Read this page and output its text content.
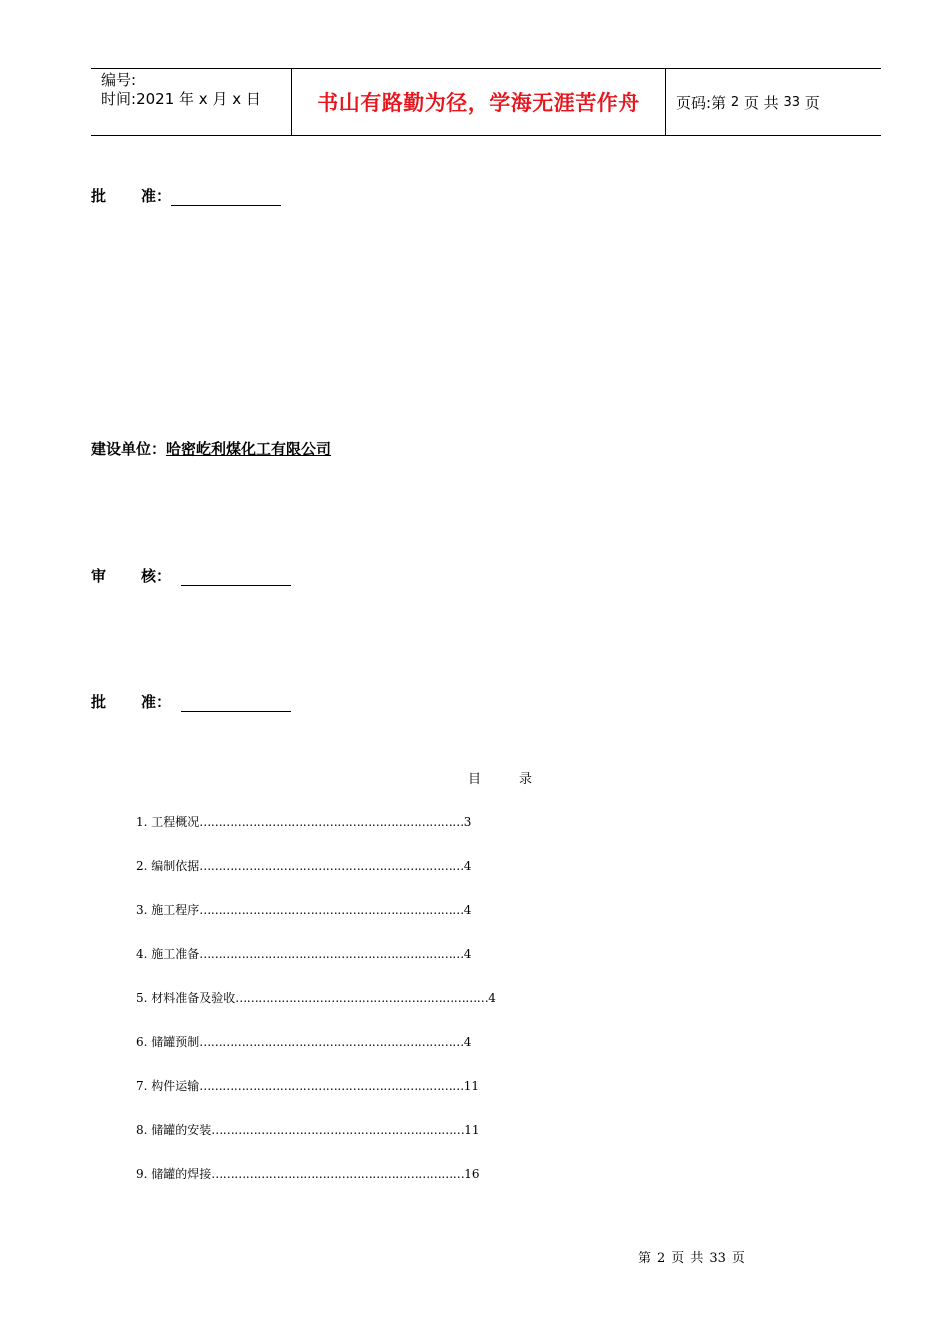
编号:
时间:2021 年 x 月 x 日	书山有路勤为径，学海无涯苦作舟	页码:第
2
页 共
33
页
批 准：
建设单位：哈密屹利煤化工有限公司
审 核：
批 准：
目	录
1.
工程概况 …………………………………………………………… 3
2.
编制依据 …………………………………………………………… 4
3.
施工程序 …………………………………………………………… 4
4.
施工准备 …………………………………………………………… 4
5.
材料准备及验收 ………………………………………………………… 4
6.
储罐预制 …………………………………………………………… 4
7.
构件运输 …………………………………………………………… 11
8.
储罐的安装 ………………………………………………………… 11
9.
储罐的焊接 ………………………………………………………… 16
第 2 页 共 33 页
